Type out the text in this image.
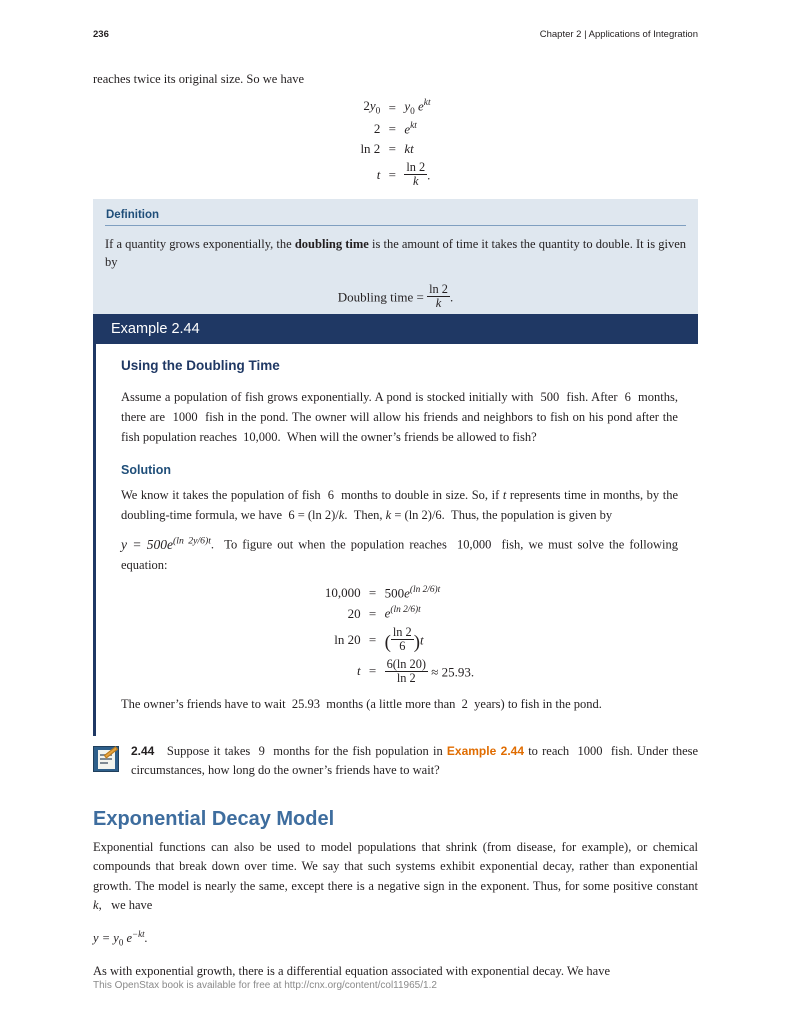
236	Chapter 2 | Applications of Integration

reaches twice its original size. So we have

$2y_0 = y_0$ $e^{kt}$
$2 = e^{kt}$
ln 2 = kt
$t = \frac{\ln 2}{k}$ .
Definition

If a quantity grows exponentially, the doubling time is the amount of time it takes the quantity to double. It is given by

Doubling time = $\frac{\ln 2}{k}$ .
Example 2.44
Using the Doubling Time

Assume a population of fish grows exponentially. A pond is stocked initially with  500  fish. After  6  months, there are  1000  fish in the pond. The owner will allow his friends and neighbors to fish on his pond after the fish population reaches  10,000.  When will the owner’s friends be allowed to fish?

Solution

We know it takes the population of fish  6  months to double in size. So, if t represents time in months, by the doubling-time formula, we have  6 = (ln 2)/k.  Then, k = (ln 2)/6.  Thus, the population is given by

$y = 500e^{(ln 2y/6)t}$.  To figure out when the population reaches  10,000  fish, we must solve the following equation:

$10,000 = 500e^{(ln 2/6)t}$
$20 = e^{(ln 2/6)t}$
ln 20 = ( $\frac{\ln 2}{6} )t$
$t = \frac{6(\ln 20)}{\ln 2} \approx 25.93$.

The owner’s friends have to wait  25.93  months (a little more than  2  years) to fish in the pond.

2.44 Suppose it takes  9  months for the fish population in Example 2.44 to reach  1000  fish. Under these circumstances, how long do the owner’s friends have to wait?
Exponential Decay Model

Exponential functions can also be used to model populations that shrink (from disease, for example), or chemical compounds that break down over time. We say that such systems exhibit exponential decay, rather than exponential growth. The model is nearly the same, except there is a negative sign in the exponent. Thus, for some positive constant k,   we have

$y = y_0$ $e^{-kt}$.

As with exponential growth, there is a differential equation associated with exponential decay. We have

This OpenStax book is available for free at http://cnx.org/content/col11965/1.2
